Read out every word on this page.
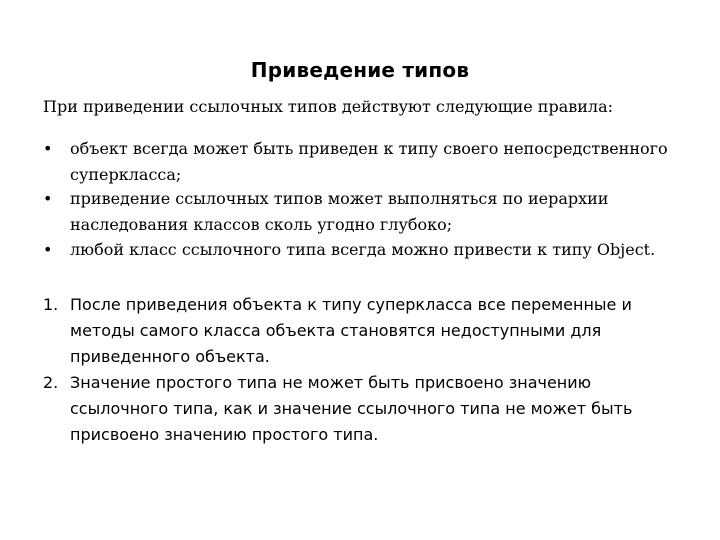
Приведение типов
При приведении ссылочных типов действуют следующие правила:
•	объект всегда может быть приведен к типу своего непосредственного суперкласса;
•	приведение ссылочных типов может выполняться по иерархии наследования классов сколь угодно глубоко;
•	любой класс ссылочного типа всегда можно привести к типу Object.
1. После приведения объекта к типу суперкласса все переменные и методы самого класса объекта становятся недоступными для приведенного объекта.
2. Значение простого типа не может быть присвоено значению ссылочного типа, как и значение ссылочного типа не может быть присвоено значению простого типа.
